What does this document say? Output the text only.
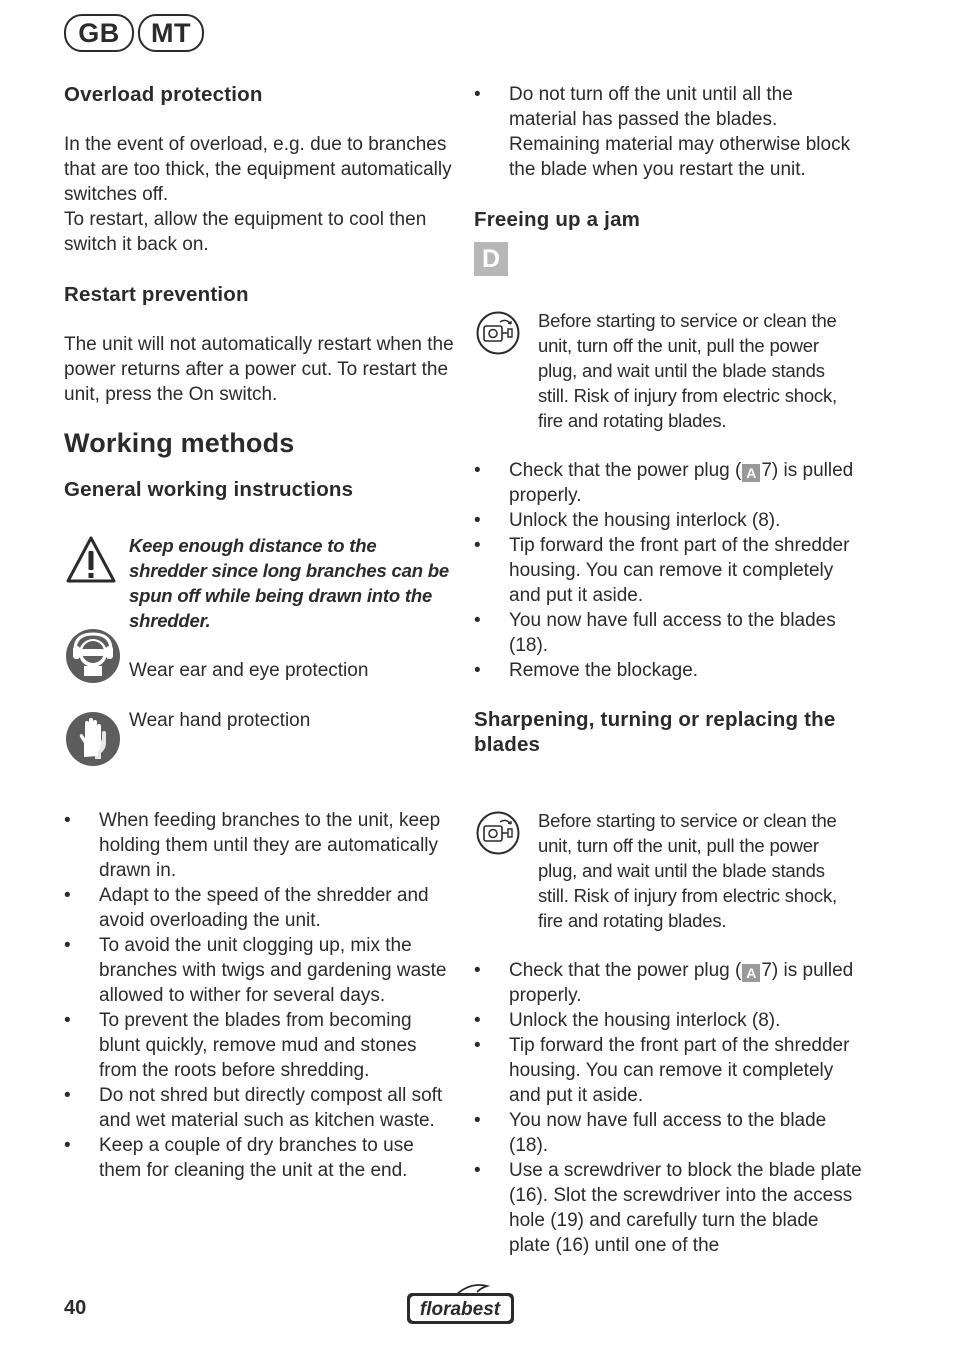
GB	MT
Overload protection

In the event of overload, e.g. due to branches that are too thick, the equipment automatically switches off.

To restart, allow the equipment to cool then switch it back on.

Restart prevention

The unit will not automatically restart when the power returns after a power cut. To restart the unit, press the On switch.

Working methods
General working instructions
Keep enough distance to the shredder since long branches can be spun off while being drawn into the shredder.
Wear ear and eye protection
Wear hand protection
• When feeding branches to the unit, keep holding them until they are automatically drawn in.
• Adapt to the speed of the shredder and avoid overloading the unit.
• To avoid the unit clogging up, mix the branches with twigs and gardening waste allowed to wither for several days.
• To prevent the blades from becoming blunt quickly, remove mud and stones from the roots before shredding.
• Do not shred but directly compost all soft and wet material such as kitchen waste.
• Keep a couple of dry branches to use them for cleaning the unit at the end.
• Do not turn off the unit until all the material has passed the blades. Remaining material may otherwise block the blade when you restart the unit.
Freeing up a jam
D
Before starting to service or clean the unit, turn off the unit, pull the power plug, and wait until the blade stands still. Risk of injury from electric shock, fire and rotating blades.
• Check that the power plug ( A 7) is pulled properly.
• Unlock the housing interlock (8).
• Tip forward the front part of the shredder housing. You can remove it completely and put it aside.
• You now have full access to the blades (18).
• Remove the blockage.
Sharpening, turning or replacing the blades
Before starting to service or clean the unit, turn off the unit, pull the power plug, and wait until the blade stands still. Risk of injury from electric shock, fire and rotating blades.
• Check that the power plug ( A 7) is pulled properly.
• Unlock the housing interlock (8).
• Tip forward the front part of the shredder housing. You can remove it completely and put it aside.
• You now have full access to the blade (18).
• Use a screwdriver to block the blade plate (16). Slot the screwdriver into the access hole (19) and carefully turn the blade plate (16) until one of the
40	florabest
